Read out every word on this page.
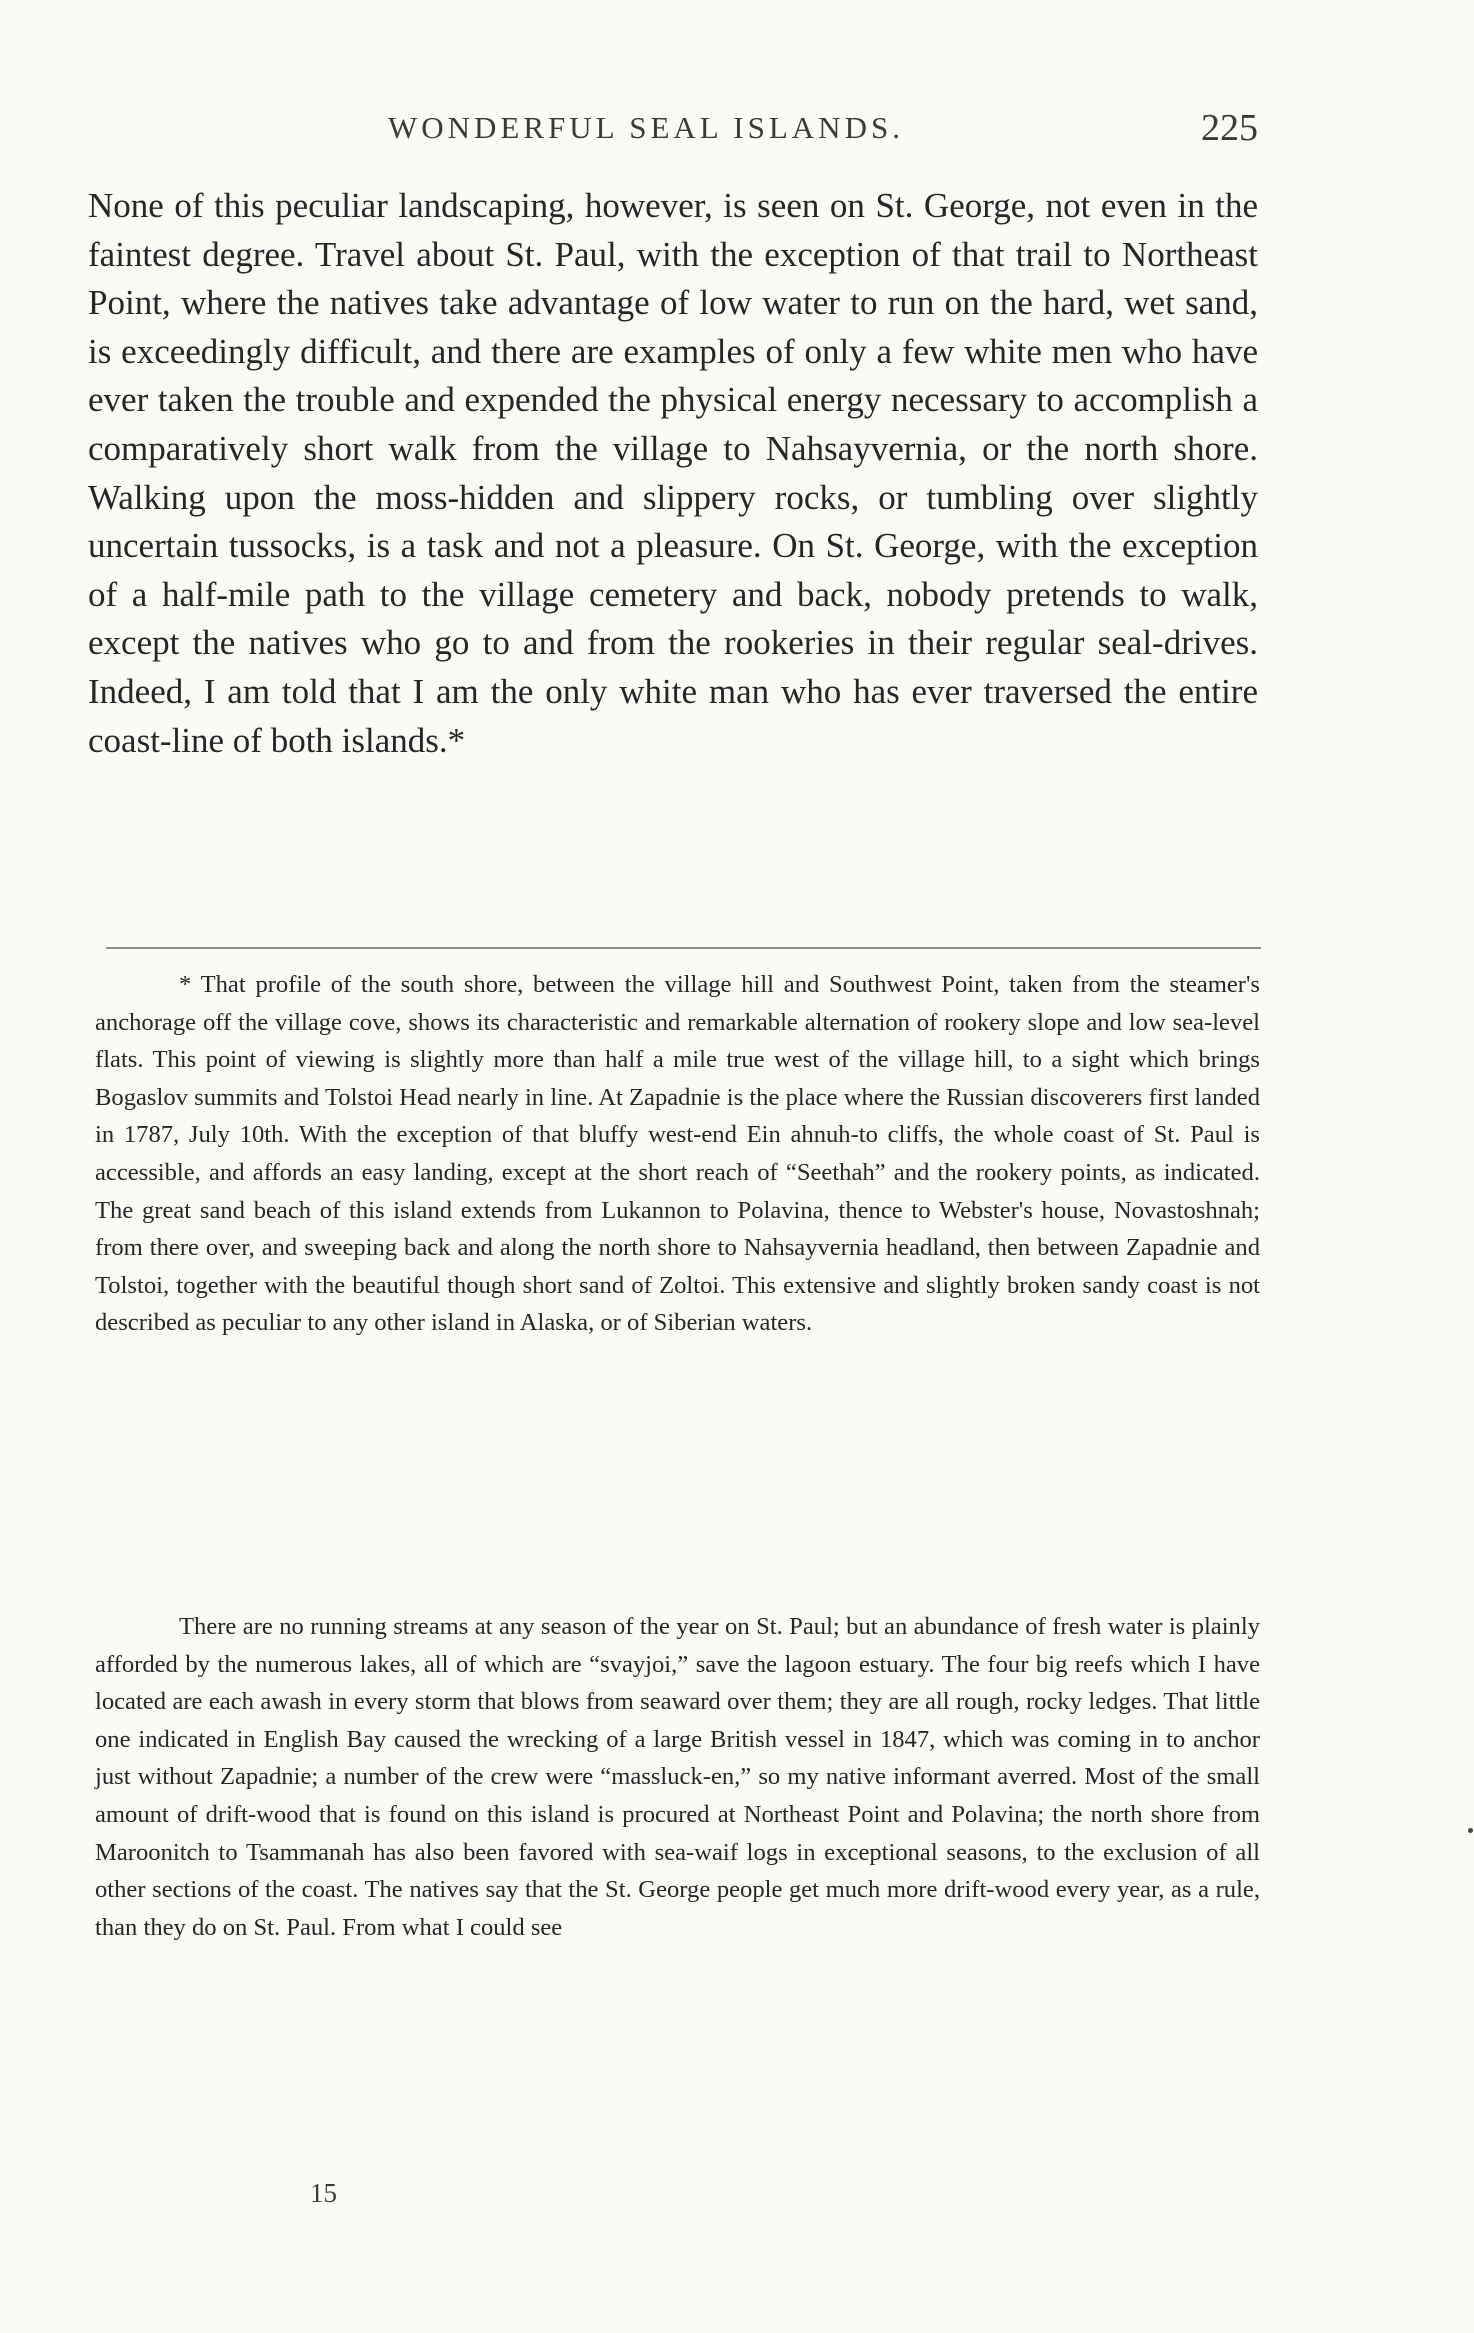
WONDERFUL SEAL ISLANDS.	225

None of this peculiar landscaping, however, is seen on St. George, not even in the faintest degree. Travel about St. Paul, with the exception of that trail to Northeast Point, where the natives take advantage of low water to run on the hard, wet sand, is exceedingly difficult, and there are examples of only a few white men who have ever taken the trouble and expended the physical energy necessary to accomplish a comparatively short walk from the village to Nahsayvernia, or the north shore. Walking upon the moss-hidden and slippery rocks, or tumbling over slightly uncertain tussocks, is a task and not a pleasure. On St. George, with the exception of a half-mile path to the village cemetery and back, nobody pretends to walk, except the natives who go to and from the rookeries in their regular seal-drives. Indeed, I am told that I am the only white man who has ever traversed the entire coast-line of both islands.*

* That profile of the south shore, between the village hill and Southwest Point, taken from the steamer's anchorage off the village cove, shows its characteristic and remarkable alternation of rookery slope and low sea-level flats. This point of viewing is slightly more than half a mile true west of the village hill, to a sight which brings Bogaslov summits and Tolstoi Head nearly in line. At Zapadnie is the place where the Russian discoverers first landed in 1787, July 10th. With the exception of that bluffy west-end Ein ahnuh-to cliffs, the whole coast of St. Paul is accessible, and affords an easy landing, except at the short reach of “Seethah” and the rookery points, as indicated. The great sand beach of this island extends from Lukannon to Polavina, thence to Webster's house, Novastoshnah; from there over, and sweeping back and along the north shore to Nahsayvernia headland, then between Zapadnie and Tolstoi, together with the beautiful though short sand of Zoltoi. This extensive and slightly broken sandy coast is not described as peculiar to any other island in Alaska, or of Siberian waters.

There are no running streams at any season of the year on St. Paul; but an abundance of fresh water is plainly afforded by the numerous lakes, all of which are “svayjoi,” save the lagoon estuary. The four big reefs which I have located are each awash in every storm that blows from seaward over them; they are all rough, rocky ledges. That little one indicated in English Bay caused the wrecking of a large British vessel in 1847, which was coming in to anchor just without Zapadnie; a number of the crew were “massluck-en,” so my native informant averred. Most of the small amount of drift-wood that is found on this island is procured at Northeast Point and Polavina; the north shore from Maroonitch to Tsammanah has also been favored with sea-waif logs in exceptional seasons, to the exclusion of all other sections of the coast. The natives say that the St. George people get much more drift-wood every year, as a rule, than they do on St. Paul. From what I could see

15
